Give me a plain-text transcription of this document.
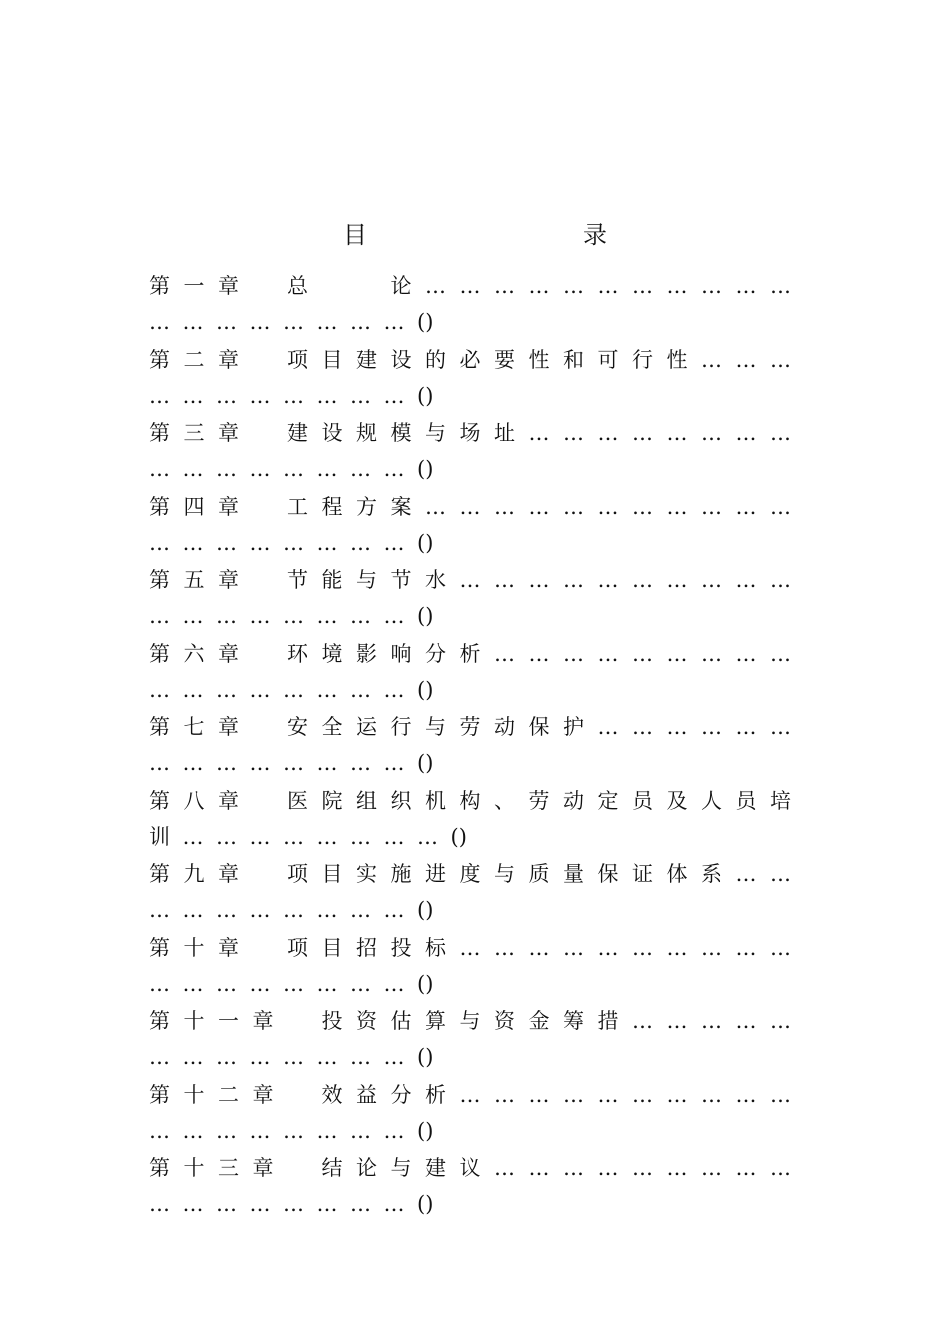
目　　录
第 一 章 总	论 … … … … … … … … … … …
… … … … … … … … ()
第 二 章 项 目 建 设 的 必 要 性 和 可 行 性 … … …
… … … … … … … … ()
第 三 章 建 设 规 模 与 场 址 … … … … … … … …
… … … … … … … … ()
第 四 章 工 程 方 案 … … … … … … … … … … …
… … … … … … … … ()
第 五 章 节 能 与 节 水 … … … … … … … … … …
… … … … … … … … ()
第 六 章 环 境 影 响 分 析 … … … … … … … … …
… … … … … … … … ()
第 七 章 安 全 运 行 与 劳 动 保 护 … … … … … …
… … … … … … … … ()
第 八 章 医 院 组 织 机 构 、 劳 动 定 员 及 人 员 培
训 … … … … … … … … ()
第 九 章 项 目 实 施 进 度 与 质 量 保 证 体 系 … …
… … … … … … … … ()
第 十 章 项 目 招 投 标 … … … … … … … … … …
… … … … … … … … ()
第 十 一 章 投 资 估 算 与 资 金 筹 措 … … … … …
… … … … … … … … ()
第 十 二 章 效 益 分 析 … … … … … … … … … …
… … … … … … … … ()
第 十 三 章 结 论 与 建 议 … … … … … … … … …
… … … … … … … … ()
